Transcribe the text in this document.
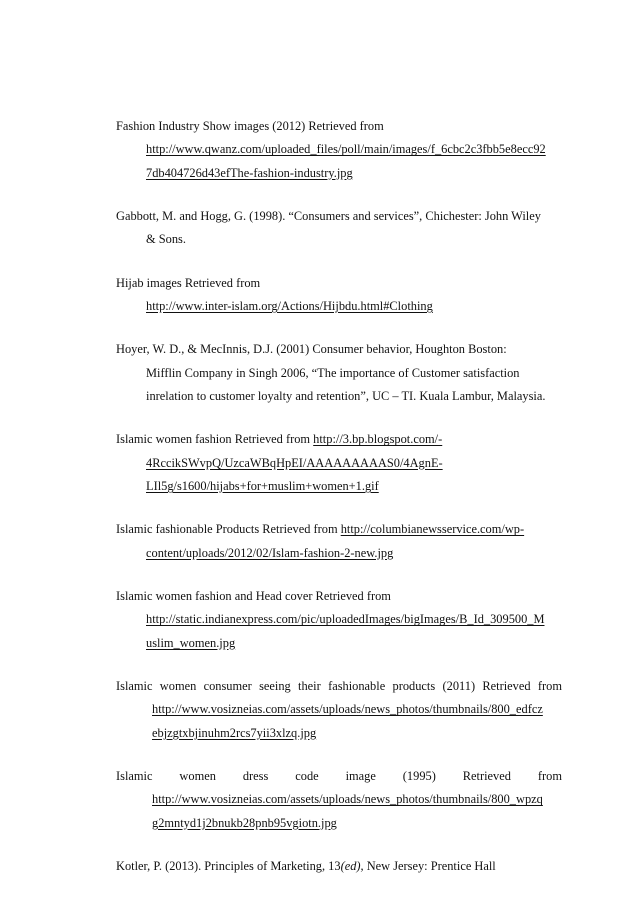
Fashion Industry Show images (2012) Retrieved from
http://www.qwanz.com/uploaded_files/poll/main/images/f_6cbc2c3fbb5e8ecc92
7db404726d43efThe-fashion-industry.jpg
Gabbott, M. and Hogg, G. (1998). “Consumers and services”, Chichester: John Wiley
& Sons.
Hijab images Retrieved from
http://www.inter-islam.org/Actions/Hijbdu.html#Clothing
Hoyer, W. D., & MecInnis, D.J. (2001) Consumer behavior, Houghton Boston:
Mifflin Company in Singh 2006, “The importance of Customer satisfaction
inrelation to customer loyalty and retention”, UC – TI. Kuala Lambur, Malaysia.
Islamic women fashion Retrieved from http://3.bp.blogspot.com/-
4RccikSWvpQ/UzcaWBqHpEI/AAAAAAAAAS0/4AgnE-
LIl5g/s1600/hijabs+for+muslim+women+1.gif
Islamic fashionable Products Retrieved from http://columbianewsservice.com/wp-
content/uploads/2012/02/Islam-fashion-2-new.jpg
Islamic women fashion and Head cover Retrieved from
http://static.indianexpress.com/pic/uploadedImages/bigImages/B_Id_309500_M
uslim_women.jpg
Islamic women consumer seeing their fashionable products (2011) Retrieved from
http://www.vosizneias.com/assets/uploads/news_photos/thumbnails/800_edfcz
ebjzgtxbjinuhm2rcs7yii3xlzq.jpg
Islamic women dress code image (1995) Retrieved from
http://www.vosizneias.com/assets/uploads/news_photos/thumbnails/800_wpzq
g2mntyd1j2bnukb28pnb95vgiotn.jpg
Kotler, P. (2013). Principles of Marketing, 13(ed), New Jersey: Prentice Hall
